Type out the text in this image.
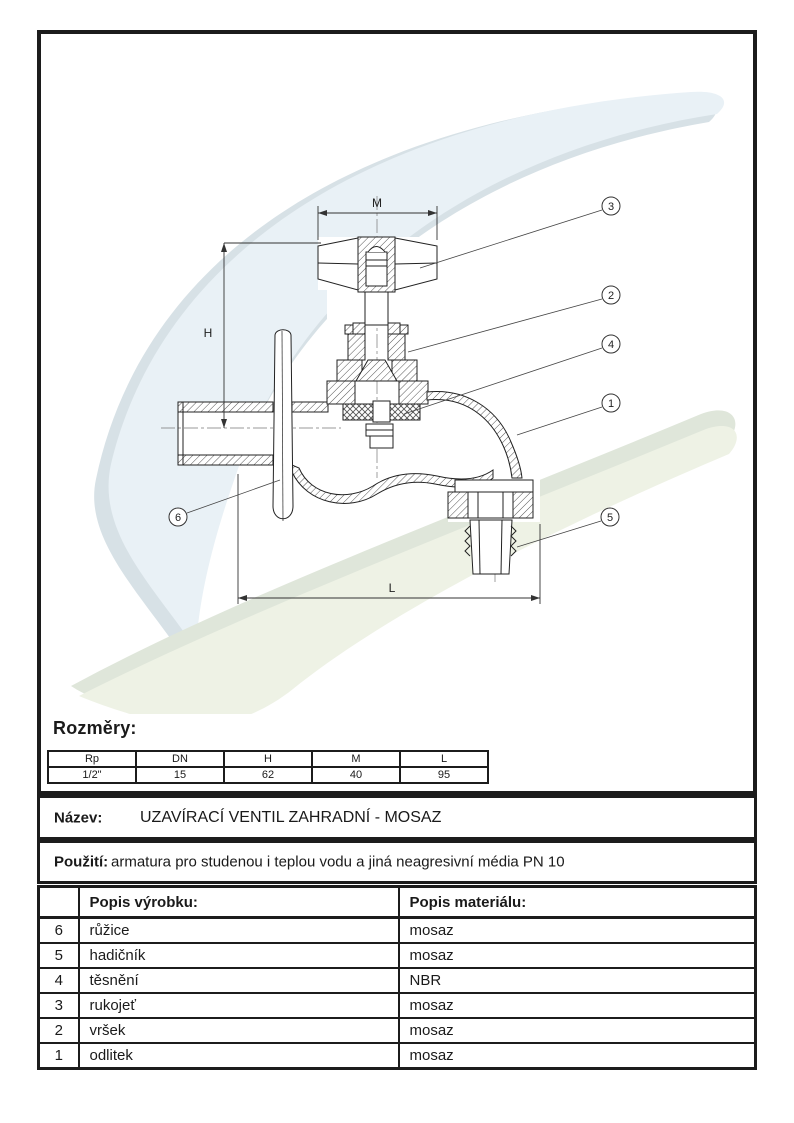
M
H
L
3
2
4
1
5
6
Rozměry:
Rp	DN	H	M	L
1/2"	15	62	40	95
Název: UZAVÍRACÍ VENTIL ZAHRADNÍ - MOSAZ
Použití: armatura pro studenou i teplou vodu a jiná neagresivní média PN 10
	Popis výrobku:	Popis materiálu:
6	růžice	mosaz
5	hadičník	mosaz
4	těsnění	NBR
3	rukojeť	mosaz
2	vršek	mosaz
1	odlitek	mosaz
